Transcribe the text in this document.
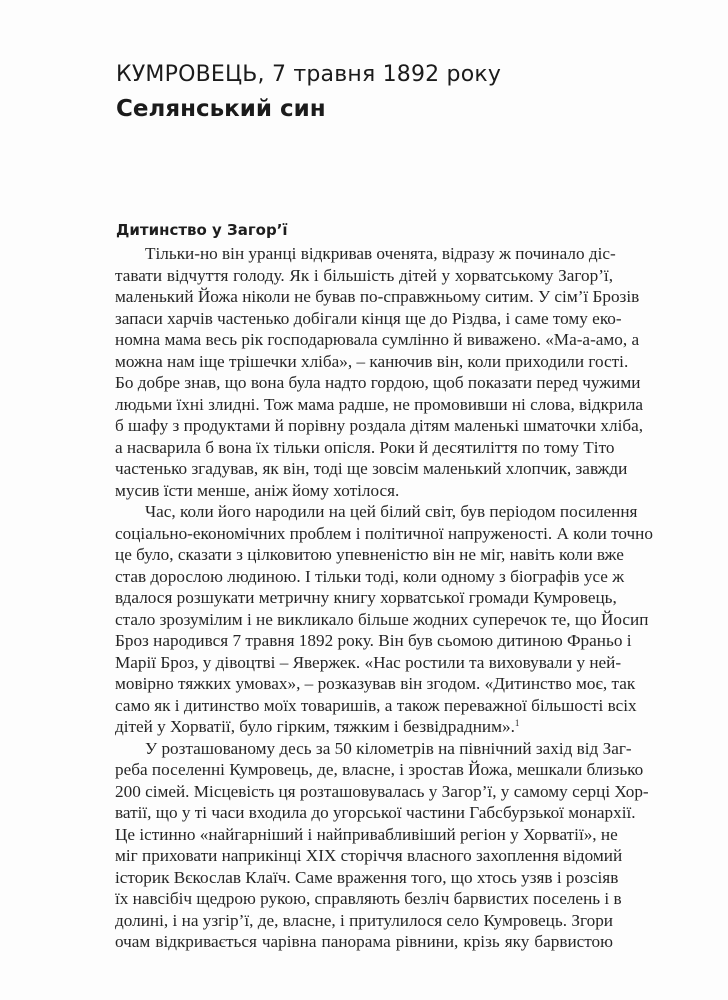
КУМРОВЕЦЬ, 7 травня 1892 року
Селянський син
Дитинство у Загор’ї
Тільки-но він уранці відкривав оченята, відразу ж починало діс-
тавати відчуття голоду. Як і більшість дітей у хорватському Загор’ї,
маленький Йожа ніколи не бував по-справжньому ситим. У сім’ї Брозів
запаси харчів частенько добігали кінця ще до Різдва, і саме тому еко-
номна мама весь рік господарювала сумлінно й виважено. «Ма-а-амо, а
можна нам іще трішечки хліба», – канючив він, коли приходили гості.
Бо добре знав, що вона була надто гордою, щоб показати перед чужими
людьми їхні злидні. Тож мама радше, не промовивши ні слова, відкрила
б шафу з продуктами й порівну роздала дітям маленькі шматочки хліба,
а насварила б вона їх тільки опісля. Роки й десятиліття по тому Тіто
частенько згадував, як він, тоді ще зовсім маленький хлопчик, завжди
мусив їсти менше, аніж йому хотілося.
Час, коли його народили на цей білий світ, був періодом посилення
соціально-економічних проблем і політичної напруженості. А коли точно
це було, сказати з цілковитою упевненістю він не міг, навіть коли вже
став дорослою людиною. І тільки тоді, коли одному з біографів усе ж
вдалося розшукати метричну книгу хорватської громади Кумровець,
стало зрозумілим і не викликало більше жодних суперечок те, що Йосип
Броз народився 7 травня 1892 року. Він був сьомою дитиною Франьо і
Марії Броз, у дівоцтві – Явержек. «Нас ростили та виховували у ней-
мовірно тяжких умовах», – розказував він згодом. «Дитинство моє, так
само як і дитинство моїх товаришів, а також переважної більшості всіх
дітей у Хорватії, було гірким, тяжким і безвідрадним».$^1$
У розташованому десь за 50 кілометрів на північний захід від Заг-
реба поселенні Кумровець, де, власне, і зростав Йожа, мешкали близько
200 сімей. Місцевість ця розташовувалась у Загор’ї, у самому серці Хор-
ватії, що у ті часи входила до угорської частини Габсбурзької монархії.
Це істинно «найгарніший і найпривабливіший регіон у Хорватії», не
міг приховати наприкінці XIX сторіччя власного захоплення відомий
історик Вєкослав Клаїч. Саме враження того, що хтось узяв і розсіяв
їх навсібіч щедрою рукою, справляють безліч барвистих поселень і в
долині, і на узгір’ї, де, власне, і притулилося село Кумровець. Згори
очам відкривається чарівна панорама рівнини, крізь яку барвистою
